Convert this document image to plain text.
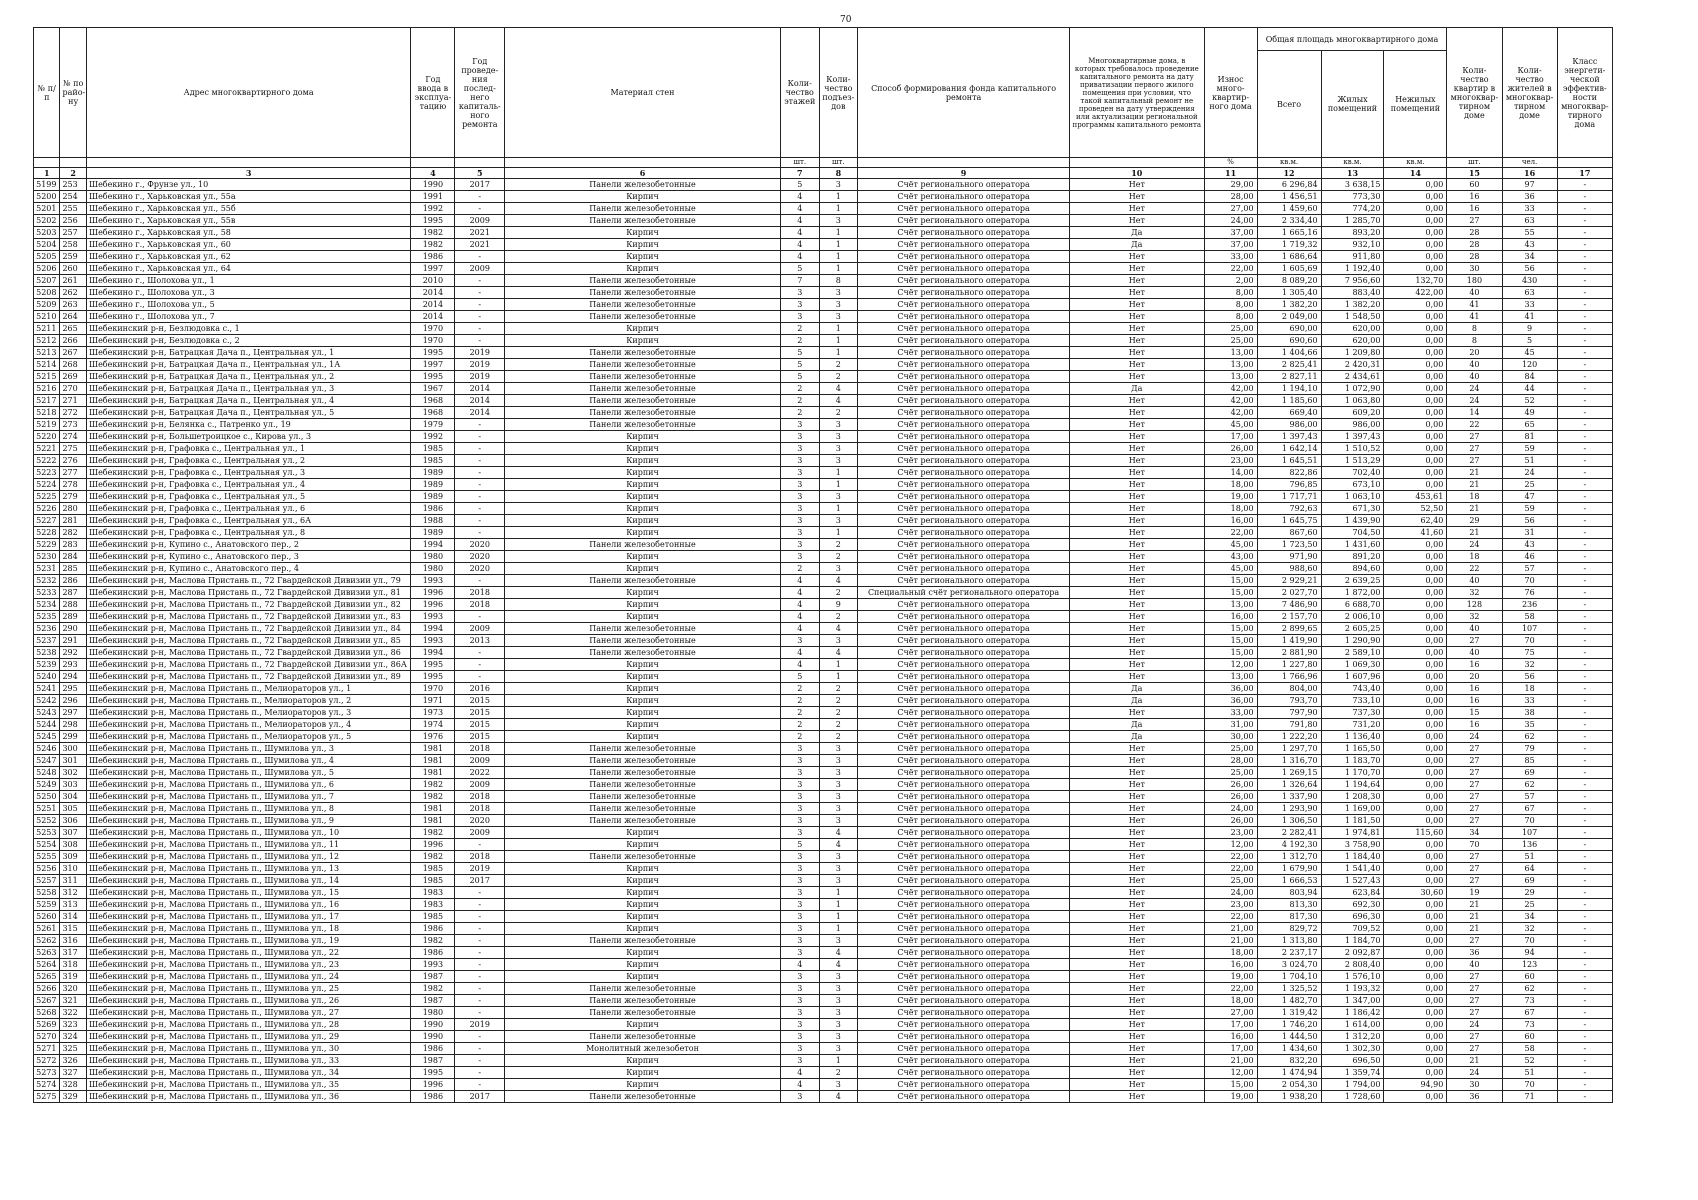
70
№ п/п	№ по райо-ну	Адрес многоквартирного дома	Год ввода в эксплуа-тацию	Год проведе-ния послед-него капиталь-ного ремонта	Материал стен	Коли-чество этажей	Коли-чество подъез-дов	Способ формирования фонда капитального ремонта	Многоквартирные дома, в которых требовалось проведение капитального ремонта на дату приватизации первого жилого помещения при условии, что такой капитальный ремонт не проведен на дату утверждения или актуализации региональной программы капитального ремонта	Износ много-квартир-ного дома	Общая площадь многоквартирного дома			Коли-чество квартир в многоквар-тирном доме	Коли-чество жителей в многоквар-тирном доме	Класс энергети-ческой эффектив-ности многоквар-тирного дома
											Всего	Жилых помещений	Нежилых помещений			
						шт.	шт.			%	кв.м.	кв.м.	кв.м.	шт.	чел.	
1	2	3	4	5	6	7	8	9	10	11	12	13	14	15	16	17
5199	253	Шебекино г., Фрунзе ул., 10	1990	2017	Панели железобетонные	5	3	Счёт регионального оператора	Нет	29,00	6 296,84	3 638,15	0,00	60	97	-
5200	254	Шебекино г., Харьковская ул., 55а	1991	-	Кирпич	4	1	Счёт регионального оператора	Нет	28,00	1 456,51	773,30	0,00	16	36	-
5201	255	Шебекино г., Харьковская ул., 55б	1992	-	Панели железобетонные	4	1	Счёт регионального оператора	Нет	27,00	1 459,60	774,20	0,00	16	33	-
5202	256	Шебекино г., Харьковская ул., 55в	1995	2009	Панели железобетонные	4	3	Счёт регионального оператора	Нет	24,00	2 334,40	1 285,70	0,00	27	63	-
5203	257	Шебекино г., Харьковская ул., 58	1982	2021	Кирпич	4	1	Счёт регионального оператора	Да	37,00	1 665,16	893,20	0,00	28	55	-
5204	258	Шебекино г., Харьковская ул., 60	1982	2021	Кирпич	4	1	Счёт регионального оператора	Да	37,00	1 719,32	932,10	0,00	28	43	-
5205	259	Шебекино г., Харьковская ул., 62	1986	-	Кирпич	4	1	Счёт регионального оператора	Нет	33,00	1 686,64	911,80	0,00	28	34	-
5206	260	Шебекино г., Харьковская ул., 64	1997	2009	Кирпич	5	1	Счёт регионального оператора	Нет	22,00	1 605,69	1 192,40	0,00	30	56	-
5207	261	Шебекино г., Шолохова ул., 1	2010	-	Панели железобетонные	7	8	Счёт регионального оператора	Нет	2,00	8 089,20	7 956,60	132,70	180	430	-
5208	262	Шебекино г., Шолохова ул., 3	2014	-	Панели железобетонные	3	3	Счёт регионального оператора	Нет	8,00	1 305,40	883,40	422,00	40	63	-
5209	263	Шебекино г., Шолохова ул., 5	2014	-	Панели железобетонные	3	3	Счёт регионального оператора	Нет	8,00	1 382,20	1 382,20	0,00	41	33	-
5210	264	Шебекино г., Шолохова ул., 7	2014	-	Панели железобетонные	3	3	Счёт регионального оператора	Нет	8,00	2 049,00	1 548,50	0,00	41	41	-
5211	265	Шебекинский р-н, Безлюдовка с., 1	1970	-	Кирпич	2	1	Счёт регионального оператора	Нет	25,00	690,00	620,00	0,00	8	9	-
5212	266	Шебекинский р-н, Безлюдовка с., 2	1970	-	Кирпич	2	1	Счёт регионального оператора	Нет	25,00	690,60	620,00	0,00	8	5	-
5213	267	Шебекинский р-н, Батрацкая Дача п., Центральная ул., 1	1995	2019	Панели железобетонные	5	1	Счёт регионального оператора	Нет	13,00	1 404,66	1 209,80	0,00	20	45	-
5214	268	Шебекинский р-н, Батрацкая Дача п., Центральная ул., 1А	1997	2019	Панели железобетонные	5	2	Счёт регионального оператора	Нет	13,00	2 825,41	2 420,31	0,00	40	120	-
5215	269	Шебекинский р-н, Батрацкая Дача п., Центральная ул., 2	1995	2019	Панели железобетонные	5	2	Счёт регионального оператора	Нет	13,00	2 827,11	2 434,61	0,00	40	84	-
5216	270	Шебекинский р-н, Батрацкая Дача п., Центральная ул., 3	1967	2014	Панели железобетонные	2	4	Счёт регионального оператора	Да	42,00	1 194,10	1 072,90	0,00	24	44	-
5217	271	Шебекинский р-н, Батрацкая Дача п., Центральная ул., 4	1968	2014	Панели железобетонные	2	4	Счёт регионального оператора	Нет	42,00	1 185,60	1 063,80	0,00	24	52	-
5218	272	Шебекинский р-н, Батрацкая Дача п., Центральная ул., 5	1968	2014	Панели железобетонные	2	2	Счёт регионального оператора	Нет	42,00	669,40	609,20	0,00	14	49	-
5219	273	Шебекинский р-н, Белянка с., Патренко ул., 19	1979	-	Панели железобетонные	3	3	Счёт регионального оператора	Нет	45,00	986,00	986,00	0,00	22	65	-
5220	274	Шебекинский р-н, Большетроицкое с., Кирова ул., 3	1992	-	Кирпич	3	3	Счёт регионального оператора	Нет	17,00	1 397,43	1 397,43	0,00	27	81	-
5221	275	Шебекинский р-н, Графовка с., Центральная ул., 1	1985	-	Кирпич	3	3	Счёт регионального оператора	Нет	26,00	1 642,14	1 510,52	0,00	27	59	-
5222	276	Шебекинский р-н, Графовка с., Центральная ул., 2	1985	-	Кирпич	3	3	Счёт регионального оператора	Нет	23,00	1 645,51	1 513,29	0,00	27	51	-
5223	277	Шебекинский р-н, Графовка с., Центральная ул., 3	1989	-	Кирпич	3	1	Счёт регионального оператора	Нет	14,00	822,86	702,40	0,00	21	24	-
5224	278	Шебекинский р-н, Графовка с., Центральная ул., 4	1989	-	Кирпич	3	1	Счёт регионального оператора	Нет	18,00	796,85	673,10	0,00	21	25	-
5225	279	Шебекинский р-н, Графовка с., Центральная ул., 5	1989	-	Кирпич	3	3	Счёт регионального оператора	Нет	19,00	1 717,71	1 063,10	453,61	18	47	-
5226	280	Шебекинский р-н, Графовка с., Центральная ул., 6	1986	-	Кирпич	3	1	Счёт регионального оператора	Нет	18,00	792,63	671,30	52,50	21	59	-
5227	281	Шебекинский р-н, Графовка с., Центральная ул., 6А	1988	-	Кирпич	3	3	Счёт регионального оператора	Нет	16,00	1 645,75	1 439,90	62,40	29	56	-
5228	282	Шебекинский р-н, Графовка с., Центральная ул., 8	1989	-	Кирпич	3	1	Счёт регионального оператора	Нет	22,00	867,60	704,50	41,60	21	31	-
5229	283	Шебекинский р-н, Купино с., Анатовского пер., 2	1994	2020	Панели железобетонные	3	2	Счёт регионального оператора	Нет	45,00	1 723,50	1 431,60	0,00	24	43	-
5230	284	Шебекинский р-н, Купино с., Анатовского пер., 3	1980	2020	Кирпич	3	2	Счёт регионального оператора	Нет	43,00	971,90	891,20	0,00	18	46	-
5231	285	Шебекинский р-н, Купино с., Анатовского пер., 4	1980	2020	Кирпич	2	3	Счёт регионального оператора	Нет	45,00	988,60	894,60	0,00	22	57	-
5232	286	Шебекинский р-н, Маслова Пристань п., 72 Гвардейской Дивизии ул., 79	1993	-	Панели железобетонные	4	4	Счёт регионального оператора	Нет	15,00	2 929,21	2 639,25	0,00	40	70	-
5233	287	Шебекинский р-н, Маслова Пристань п., 72 Гвардейской Дивизии ул., 81	1996	2018	Кирпич	4	2	Специальный счёт регионального оператора	Нет	15,00	2 027,70	1 872,00	0,00	32	76	-
5234	288	Шебекинский р-н, Маслова Пристань п., 72 Гвардейской Дивизии ул., 82	1996	2018	Кирпич	4	9	Счёт регионального оператора	Нет	13,00	7 486,90	6 688,70	0,00	128	236	-
5235	289	Шебекинский р-н, Маслова Пристань п., 72 Гвардейской Дивизии ул., 83	1993	-	Кирпич	4	2	Счёт регионального оператора	Нет	16,00	2 157,70	2 006,10	0,00	32	58	-
5236	290	Шебекинский р-н, Маслова Пристань п., 72 Гвардейской Дивизии ул., 84	1994	2009	Панели железобетонные	4	4	Счёт регионального оператора	Нет	15,00	2 899,65	2 605,25	0,00	40	107	-
5237	291	Шебекинский р-н, Маслова Пристань п., 72 Гвардейской Дивизии ул., 85	1993	2013	Панели железобетонные	3	3	Счёт регионального оператора	Нет	15,00	1 419,90	1 290,90	0,00	27	70	-
5238	292	Шебекинский р-н, Маслова Пристань п., 72 Гвардейской Дивизии ул., 86	1994	-	Панели железобетонные	4	4	Счёт регионального оператора	Нет	15,00	2 881,90	2 589,10	0,00	40	75	-
5239	293	Шебекинский р-н, Маслова Пристань п., 72 Гвардейской Дивизии ул., 86А	1995	-	Кирпич	4	1	Счёт регионального оператора	Нет	12,00	1 227,80	1 069,30	0,00	16	32	-
5240	294	Шебекинский р-н, Маслова Пристань п., 72 Гвардейской Дивизии ул., 89	1995	-	Кирпич	5	1	Счёт регионального оператора	Нет	13,00	1 766,96	1 607,96	0,00	20	56	-
5241	295	Шебекинский р-н, Маслова Пристань п., Мелиораторов ул., 1	1970	2016	Кирпич	2	2	Счёт регионального оператора	Да	36,00	804,00	743,40	0,00	16	18	-
5242	296	Шебекинский р-н, Маслова Пристань п., Мелиораторов ул., 2	1971	2015	Кирпич	2	2	Счёт регионального оператора	Да	36,00	793,70	733,10	0,00	16	33	-
5243	297	Шебекинский р-н, Маслова Пристань п., Мелиораторов ул., 3	1973	2015	Кирпич	2	2	Счёт регионального оператора	Нет	33,00	797,90	737,30	0,00	15	38	-
5244	298	Шебекинский р-н, Маслова Пристань п., Мелиораторов ул., 4	1974	2015	Кирпич	2	2	Счёт регионального оператора	Да	31,00	791,80	731,20	0,00	16	35	-
5245	299	Шебекинский р-н, Маслова Пристань п., Мелиораторов ул., 5	1976	2015	Кирпич	2	2	Счёт регионального оператора	Да	30,00	1 222,20	1 136,40	0,00	24	62	-
5246	300	Шебекинский р-н, Маслова Пристань п., Шумилова ул., 3	1981	2018	Панели железобетонные	3	3	Счёт регионального оператора	Нет	25,00	1 297,70	1 165,50	0,00	27	79	-
5247	301	Шебекинский р-н, Маслова Пристань п., Шумилова ул., 4	1981	2009	Панели железобетонные	3	3	Счёт регионального оператора	Нет	28,00	1 316,70	1 183,70	0,00	27	85	-
5248	302	Шебекинский р-н, Маслова Пристань п., Шумилова ул., 5	1981	2022	Панели железобетонные	3	3	Счёт регионального оператора	Нет	25,00	1 269,15	1 170,70	0,00	27	69	-
5249	303	Шебекинский р-н, Маслова Пристань п., Шумилова ул., 6	1982	2009	Панели железобетонные	3	3	Счёт регионального оператора	Нет	26,00	1 326,64	1 194,64	0,00	27	62	-
5250	304	Шебекинский р-н, Маслова Пристань п., Шумилова ул., 7	1982	2018	Панели железобетонные	3	3	Счёт регионального оператора	Нет	26,00	1 337,90	1 208,30	0,00	27	57	-
5251	305	Шебекинский р-н, Маслова Пристань п., Шумилова ул., 8	1981	2018	Панели железобетонные	3	3	Счёт регионального оператора	Нет	24,00	1 293,90	1 169,00	0,00	27	67	-
5252	306	Шебекинский р-н, Маслова Пристань п., Шумилова ул., 9	1981	2020	Панели железобетонные	3	3	Счёт регионального оператора	Нет	26,00	1 306,50	1 181,50	0,00	27	70	-
5253	307	Шебекинский р-н, Маслова Пристань п., Шумилова ул., 10	1982	2009	Кирпич	3	4	Счёт регионального оператора	Нет	23,00	2 282,41	1 974,81	115,60	34	107	-
5254	308	Шебекинский р-н, Маслова Пристань п., Шумилова ул., 11	1996	-	Кирпич	5	4	Счёт регионального оператора	Нет	12,00	4 192,30	3 758,90	0,00	70	136	-
5255	309	Шебекинский р-н, Маслова Пристань п., Шумилова ул., 12	1982	2018	Панели железобетонные	3	3	Счёт регионального оператора	Нет	22,00	1 312,70	1 184,40	0,00	27	51	-
5256	310	Шебекинский р-н, Маслова Пристань п., Шумилова ул., 13	1985	2019	Кирпич	3	3	Счёт регионального оператора	Нет	22,00	1 679,90	1 541,40	0,00	27	64	-
5257	311	Шебекинский р-н, Маслова Пристань п., Шумилова ул., 14	1985	2017	Кирпич	3	3	Счёт регионального оператора	Нет	25,00	1 666,53	1 527,43	0,00	27	69	-
5258	312	Шебекинский р-н, Маслова Пристань п., Шумилова ул., 15	1983	-	Кирпич	3	1	Счёт регионального оператора	Нет	24,00	803,94	623,84	30,60	19	29	-
5259	313	Шебекинский р-н, Маслова Пристань п., Шумилова ул., 16	1983	-	Кирпич	3	1	Счёт регионального оператора	Нет	23,00	813,30	692,30	0,00	21	25	-
5260	314	Шебекинский р-н, Маслова Пристань п., Шумилова ул., 17	1985	-	Кирпич	3	1	Счёт регионального оператора	Нет	22,00	817,30	696,30	0,00	21	34	-
5261	315	Шебекинский р-н, Маслова Пристань п., Шумилова ул., 18	1986	-	Кирпич	3	1	Счёт регионального оператора	Нет	21,00	829,72	709,52	0,00	21	32	-
5262	316	Шебекинский р-н, Маслова Пристань п., Шумилова ул., 19	1982	-	Панели железобетонные	3	3	Счёт регионального оператора	Нет	21,00	1 313,80	1 184,70	0,00	27	70	-
5263	317	Шебекинский р-н, Маслова Пристань п., Шумилова ул., 22	1986	-	Кирпич	3	4	Счёт регионального оператора	Нет	18,00	2 237,17	2 092,87	0,00	36	94	-
5264	318	Шебекинский р-н, Маслова Пристань п., Шумилова ул., 23	1993	-	Кирпич	4	4	Счёт регионального оператора	Нет	16,00	3 024,70	2 808,40	0,00	40	123	-
5265	319	Шебекинский р-н, Маслова Пристань п., Шумилова ул., 24	1987	-	Кирпич	3	3	Счёт регионального оператора	Нет	19,00	1 704,10	1 576,10	0,00	27	60	-
5266	320	Шебекинский р-н, Маслова Пристань п., Шумилова ул., 25	1982	-	Панели железобетонные	3	3	Счёт регионального оператора	Нет	22,00	1 325,52	1 193,32	0,00	27	62	-
5267	321	Шебекинский р-н, Маслова Пристань п., Шумилова ул., 26	1987	-	Панели железобетонные	3	3	Счёт регионального оператора	Нет	18,00	1 482,70	1 347,00	0,00	27	73	-
5268	322	Шебекинский р-н, Маслова Пристань п., Шумилова ул., 27	1980	-	Панели железобетонные	3	3	Счёт регионального оператора	Нет	27,00	1 319,42	1 186,42	0,00	27	67	-
5269	323	Шебекинский р-н, Маслова Пристань п., Шумилова ул., 28	1990	2019	Кирпич	3	3	Счёт регионального оператора	Нет	17,00	1 746,20	1 614,00	0,00	24	73	-
5270	324	Шебекинский р-н, Маслова Пристань п., Шумилова ул., 29	1990	-	Панели железобетонные	3	3	Счёт регионального оператора	Нет	16,00	1 444,50	1 312,20	0,00	27	60	-
5271	325	Шебекинский р-н, Маслова Пристань п., Шумилова ул., 30	1986	-	Монолитный железобетон	3	3	Счёт регионального оператора	Нет	17,00	1 434,60	1 302,30	0,00	27	58	-
5272	326	Шебекинский р-н, Маслова Пристань п., Шумилова ул., 33	1987	-	Кирпич	3	1	Счёт регионального оператора	Нет	21,00	832,20	696,50	0,00	21	52	-
5273	327	Шебекинский р-н, Маслова Пристань п., Шумилова ул., 34	1995	-	Кирпич	4	2	Счёт регионального оператора	Нет	12,00	1 474,94	1 359,74	0,00	24	51	-
5274	328	Шебекинский р-н, Маслова Пристань п., Шумилова ул., 35	1996	-	Кирпич	4	3	Счёт регионального оператора	Нет	15,00	2 054,30	1 794,00	94,90	30	70	-
5275	329	Шебекинский р-н, Маслова Пристань п., Шумилова ул., 36	1986	2017	Панели железобетонные	3	4	Счёт регионального оператора	Нет	19,00	1 938,20	1 728,60	0,00	36	71	-
